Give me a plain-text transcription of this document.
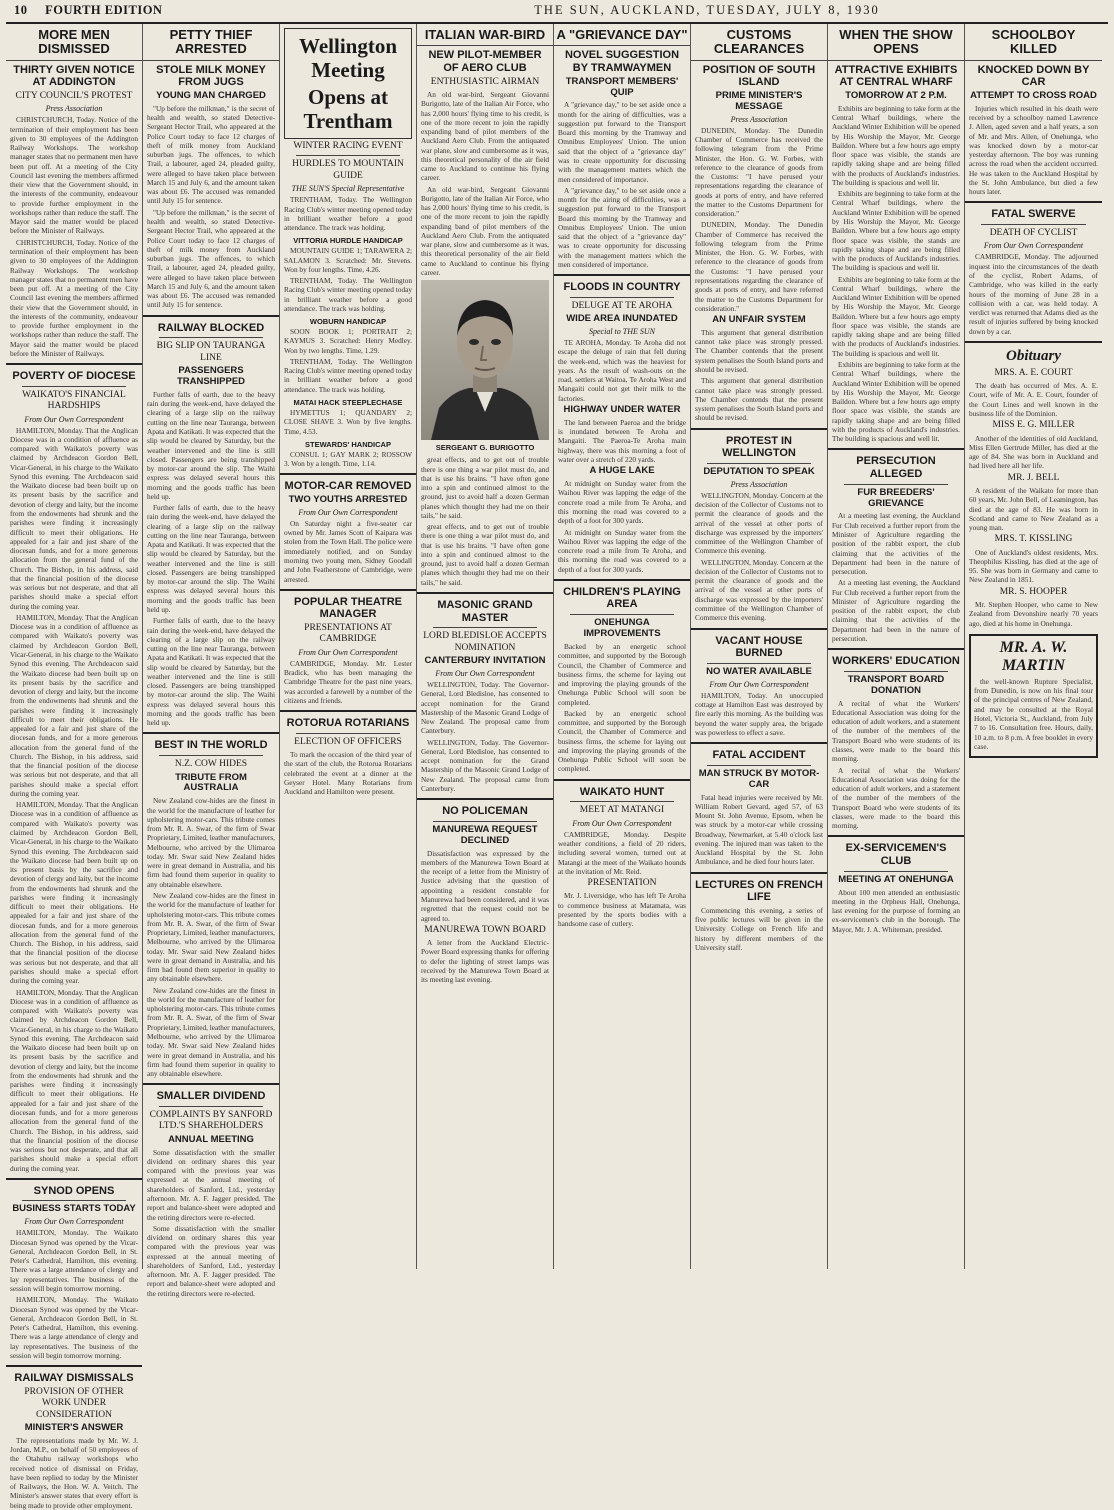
10 FOURTH EDITION	THE SUN, AUCKLAND, TUESDAY, JULY 8, 1930
MORE MEN DISMISSED
THIRTY GIVEN NOTICE AT ADDINGTON
CITY COUNCIL'S PROTEST
Press Association

CHRISTCHURCH, Today. Notice of the termination of their employment has been given to 30 employees of the Addington Railway Workshops. The workshop manager states that no permanent men have been put off. At a meeting of the City Council last evening the members affirmed their view that the Government should, in the interests of the community, endeavour to provide further employment in the workshops rather than reduce the staff. The Mayor said the matter would be placed before the Minister of Railways.

CHRISTCHURCH, Today. Notice of the termination of their employment has been given to 30 employees of the Addington Railway Workshops. The workshop manager states that no permanent men have been put off. At a meeting of the City Council last evening the members affirmed their view that the Government should, in the interests of the community, endeavour to provide further employment in the workshops rather than reduce the staff. The Mayor said the matter would be placed before the Minister of Railways.

POVERTY OF DIOCESE
WAIKATO'S FINANCIAL HARDSHIPS
From Our Own Correspondent

HAMILTON, Monday. That the Anglican Diocese was in a condition of affluence as compared with Waikato's poverty was claimed by Archdeacon Gordon Bell, Vicar-General, in his charge to the Waikato Synod this evening. The Archdeacon said the Waikato diocese had been built up on its present basis by the sacrifice and devotion of clergy and laity, but the income from the endowments had shrunk and the parishes were finding it increasingly difficult to meet their obligations. He appealed for a fair and just share of the diocesan funds, and for a more generous allocation from the general fund of the Church. The Bishop, in his address, said that the financial position of the diocese was serious but not desperate, and that all parishes should make a special effort during the coming year.

HAMILTON, Monday. That the Anglican Diocese was in a condition of affluence as compared with Waikato's poverty was claimed by Archdeacon Gordon Bell, Vicar-General, in his charge to the Waikato Synod this evening. The Archdeacon said the Waikato diocese had been built up on its present basis by the sacrifice and devotion of clergy and laity, but the income from the endowments had shrunk and the parishes were finding it increasingly difficult to meet their obligations. He appealed for a fair and just share of the diocesan funds, and for a more generous allocation from the general fund of the Church. The Bishop, in his address, said that the financial position of the diocese was serious but not desperate, and that all parishes should make a special effort during the coming year.

HAMILTON, Monday. That the Anglican Diocese was in a condition of affluence as compared with Waikato's poverty was claimed by Archdeacon Gordon Bell, Vicar-General, in his charge to the Waikato Synod this evening. The Archdeacon said the Waikato diocese had been built up on its present basis by the sacrifice and devotion of clergy and laity, but the income from the endowments had shrunk and the parishes were finding it increasingly difficult to meet their obligations. He appealed for a fair and just share of the diocesan funds, and for a more generous allocation from the general fund of the Church. The Bishop, in his address, said that the financial position of the diocese was serious but not desperate, and that all parishes should make a special effort during the coming year.

HAMILTON, Monday. That the Anglican Diocese was in a condition of affluence as compared with Waikato's poverty was claimed by Archdeacon Gordon Bell, Vicar-General, in his charge to the Waikato Synod this evening. The Archdeacon said the Waikato diocese had been built up on its present basis by the sacrifice and devotion of clergy and laity, but the income from the endowments had shrunk and the parishes were finding it increasingly difficult to meet their obligations. He appealed for a fair and just share of the diocesan funds, and for a more generous allocation from the general fund of the Church. The Bishop, in his address, said that the financial position of the diocese was serious but not desperate, and that all parishes should make a special effort during the coming year.

SYNOD OPENS
BUSINESS STARTS TODAY
From Our Own Correspondent

HAMILTON, Monday. The Waikato Diocesan Synod was opened by the Vicar-General, Archdeacon Gordon Bell, in St. Peter's Cathedral, Hamilton, this evening. There was a large attendance of clergy and lay representatives. The business of the session will begin tomorrow morning.

HAMILTON, Monday. The Waikato Diocesan Synod was opened by the Vicar-General, Archdeacon Gordon Bell, in St. Peter's Cathedral, Hamilton, this evening. There was a large attendance of clergy and lay representatives. The business of the session will begin tomorrow morning.

RAILWAY DISMISSALS
PROVISION OF OTHER WORK UNDER CONSIDERATION
MINISTER'S ANSWER

The representations made by Mr. W. J. Jordan, M.P., on behalf of 50 employees of the Otahuhu railway workshops who received notice of dismissal on Friday, have been replied to today by the Minister of Railways, the Hon. W. A. Veitch. The Minister's answer states that every effort is being made to provide other employment.

PETTY THIEF ARRESTED
STOLE MILK MONEY FROM JUGS
YOUNG MAN CHARGED

"Up before the milkman," is the secret of health and wealth, so stated Detective-Sergeant Hector Trail, who appeared at the Police Court today to face 12 charges of theft of milk money from Auckland suburban jugs. The offences, to which Trail, a labourer, aged 24, pleaded guilty, were alleged to have taken place between March 15 and July 6, and the amount taken was about £6. The accused was remanded until July 15 for sentence.

"Up before the milkman," is the secret of health and wealth, so stated Detective-Sergeant Hector Trail, who appeared at the Police Court today to face 12 charges of theft of milk money from Auckland suburban jugs. The offences, to which Trail, a labourer, aged 24, pleaded guilty, were alleged to have taken place between March 15 and July 6, and the amount taken was about £6. The accused was remanded until July 15 for sentence.

RAILWAY BLOCKED
BIG SLIP ON TAURANGA LINE
PASSENGERS TRANSHIPPED

Further falls of earth, due to the heavy rain during the week-end, have delayed the clearing of a large slip on the railway cutting on the line near Tauranga, between Apata and Katikati. It was expected that the slip would be cleared by Saturday, but the weather intervened and the line is still closed. Passengers are being transhipped by motor-car around the slip. The Waihi express was delayed several hours this morning and the goods traffic has been held up.

Further falls of earth, due to the heavy rain during the week-end, have delayed the clearing of a large slip on the railway cutting on the line near Tauranga, between Apata and Katikati. It was expected that the slip would be cleared by Saturday, but the weather intervened and the line is still closed. Passengers are being transhipped by motor-car around the slip. The Waihi express was delayed several hours this morning and the goods traffic has been held up.

Further falls of earth, due to the heavy rain during the week-end, have delayed the clearing of a large slip on the railway cutting on the line near Tauranga, between Apata and Katikati. It was expected that the slip would be cleared by Saturday, but the weather intervened and the line is still closed. Passengers are being transhipped by motor-car around the slip. The Waihi express was delayed several hours this morning and the goods traffic has been held up.

BEST IN THE WORLD
N.Z. COW HIDES
TRIBUTE FROM AUSTRALIA

New Zealand cow-hides are the finest in the world for the manufacture of leather for upholstering motor-cars. This tribute comes from Mr. R. A. Swar, of the firm of Swar Proprietary, Limited, leather manufacturers, Melbourne, who arrived by the Ulimaroa today. Mr. Swar said New Zealand hides were in great demand in Australia, and his firm had found them superior in quality to any obtainable elsewhere.

New Zealand cow-hides are the finest in the world for the manufacture of leather for upholstering motor-cars. This tribute comes from Mr. R. A. Swar, of the firm of Swar Proprietary, Limited, leather manufacturers, Melbourne, who arrived by the Ulimaroa today. Mr. Swar said New Zealand hides were in great demand in Australia, and his firm had found them superior in quality to any obtainable elsewhere.

New Zealand cow-hides are the finest in the world for the manufacture of leather for upholstering motor-cars. This tribute comes from Mr. R. A. Swar, of the firm of Swar Proprietary, Limited, leather manufacturers, Melbourne, who arrived by the Ulimaroa today. Mr. Swar said New Zealand hides were in great demand in Australia, and his firm had found them superior in quality to any obtainable elsewhere.

SMALLER DIVIDEND
COMPLAINTS BY SANFORD LTD.'S SHAREHOLDERS
ANNUAL MEETING

Some dissatisfaction with the smaller dividend on ordinary shares this year compared with the previous year was expressed at the annual meeting of shareholders of Sanford, Ltd., yesterday afternoon. Mr. A. F. Jagger presided. The report and balance-sheet were adopted and the retiring directors were re-elected.

Some dissatisfaction with the smaller dividend on ordinary shares this year compared with the previous year was expressed at the annual meeting of shareholders of Sanford, Ltd., yesterday afternoon. Mr. A. F. Jagger presided. The report and balance-sheet were adopted and the retiring directors were re-elected.

Wellington Meeting
Opens at Trentham
WINTER RACING EVENT
HURDLES TO MOUNTAIN GUIDE
THE SUN'S Special Representative

TRENTHAM, Today. The Wellington Racing Club's winter meeting opened today in brilliant weather before a good attendance. The track was holding.

VITTORIA HURDLE HANDICAP

MOUNTAIN GUIDE 1; TARAWERA 2; SALAMON 3. Scratched: Mr. Stevens. Won by four lengths. Time, 4.26.

TRENTHAM, Today. The Wellington Racing Club's winter meeting opened today in brilliant weather before a good attendance. The track was holding.

WOBURN HANDICAP

SOON BOOK 1; PORTRAIT 2; KAYMUS 3. Scratched: Henry Medley. Won by two lengths. Time, 1.29.

TRENTHAM, Today. The Wellington Racing Club's winter meeting opened today in brilliant weather before a good attendance. The track was holding.

MATAI HACK STEEPLECHASE

HYMETTUS 1; QUANDARY 2; CLOSE SHAVE 3. Won by five lengths. Time, 4.53.

STEWARDS' HANDICAP

CONSUL 1; GAY MARK 2; ROSSOW 3. Won by a length. Time, 1.14.

MOTOR-CAR REMOVED
TWO YOUTHS ARRESTED
From Our Own Correspondent

On Saturday night a five-seater car owned by Mr. James Scott of Kaipara was stolen from the Town Hall. The police were immediately notified, and on Sunday morning two young men, Sidney Goodall and John Featherstone of Cambridge, were arrested.

POPULAR THEATRE MANAGER
PRESENTATIONS AT CAMBRIDGE
From Our Own Correspondent

CAMBRIDGE, Monday. Mr. Lester Bradick, who has been managing the Cambridge Theatre for the past nine years, was accorded a farewell by a number of the citizens and friends.

ROTORUA ROTARIANS
ELECTION OF OFFICERS

To mark the occasion of the third year of the start of the club, the Rotorua Rotarians celebrated the event at a dinner at the Geyser Hotel. Many Rotarians from Auckland and Hamilton were present.

ITALIAN WAR-BIRD
NEW PILOT-MEMBER OF AERO CLUB
ENTHUSIASTIC AIRMAN

An old war-bird, Sergeant Giovanni Burigotto, late of the Italian Air Force, who has 2,000 hours' flying time to his credit, is one of the more recent to join the rapidly expanding band of pilot members of the Auckland Aero Club. From the antiquated war plane, slow and cumbersome as it was, this theoretical personality of the air field came to Auckland to continue his flying career.

An old war-bird, Sergeant Giovanni Burigotto, late of the Italian Air Force, who has 2,000 hours' flying time to his credit, is one of the more recent to join the rapidly expanding band of pilot members of the Auckland Aero Club. From the antiquated war plane, slow and cumbersome as it was, this theoretical personality of the air field came to Auckland to continue his flying career.

SERGEANT G. BURIGOTTO

great effects, and to get out of trouble there is one thing a war pilot must do, and that is use his brains. "I have often gone into a spin and continued almost to the ground, just to avoid half a dozen German planes which thought they had me on their tails," he said.

great effects, and to get out of trouble there is one thing a war pilot must do, and that is use his brains. "I have often gone into a spin and continued almost to the ground, just to avoid half a dozen German planes which thought they had me on their tails," he said.

MASONIC GRAND MASTER
LORD BLEDISLOE ACCEPTS NOMINATION
CANTERBURY INVITATION
From Our Own Correspondent

WELLINGTON, Today. The Governor-General, Lord Bledisloe, has consented to accept nomination for the Grand Mastership of the Masonic Grand Lodge of New Zealand. The proposal came from Canterbury.

WELLINGTON, Today. The Governor-General, Lord Bledisloe, has consented to accept nomination for the Grand Mastership of the Masonic Grand Lodge of New Zealand. The proposal came from Canterbury.

NO POLICEMAN
MANUREWA REQUEST DECLINED

Dissatisfaction was expressed by the members of the Manurewa Town Board at the receipt of a letter from the Ministry of Justice advising that the question of appointing a resident constable for Manurewa had been considered, and it was regretted that the request could not be agreed to.

MANUREWA TOWN BOARD

A letter from the Auckland Electric-Power Board expressing thanks for offering to defer the lighting of street lamps was received by the Manurewa Town Board at its meeting last evening.

A "GRIEVANCE DAY"
NOVEL SUGGESTION BY TRAMWAYMEN
TRANSPORT MEMBERS' QUIP

A "grievance day," to be set aside once a month for the airing of difficulties, was a suggestion put forward to the Transport Board this morning by the Tramway and Omnibus Employees' Union. The union said that the object of a "grievance day" was to create opportunity for discussing with the management matters which the men considered of importance.

A "grievance day," to be set aside once a month for the airing of difficulties, was a suggestion put forward to the Transport Board this morning by the Tramway and Omnibus Employees' Union. The union said that the object of a "grievance day" was to create opportunity for discussing with the management matters which the men considered of importance.

FLOODS IN COUNTRY
DELUGE AT TE AROHA
WIDE AREA INUNDATED
Special to THE SUN

TE AROHA, Monday. Te Aroha did not escape the deluge of rain that fell during the week-end, which was the heaviest for years. As the result of wash-outs on the road, settlers at Waitoa, Te Aroha West and Mangaiti could not get their milk to the factories.

HIGHWAY UNDER WATER

The land between Paeroa and the bridge is inundated between Te Aroha and Mangaiti. The Paeroa-Te Aroha main highway, there was this morning a foot of water over a stretch of 220 yards.

A HUGE LAKE

At midnight on Sunday water from the Waihou River was lapping the edge of the concrete road a mile from Te Aroha, and this morning the road was covered to a depth of a foot for 300 yards.

At midnight on Sunday water from the Waihou River was lapping the edge of the concrete road a mile from Te Aroha, and this morning the road was covered to a depth of a foot for 300 yards.

CHILDREN'S PLAYING AREA
ONEHUNGA IMPROVEMENTS

Backed by an energetic school committee, and supported by the Borough Council, the Chamber of Commerce and business firms, the scheme for laying out and improving the playing grounds of the Onehunga Public School will soon be completed.

Backed by an energetic school committee, and supported by the Borough Council, the Chamber of Commerce and business firms, the scheme for laying out and improving the playing grounds of the Onehunga Public School will soon be completed.

WAIKATO HUNT
MEET AT MATANGI
From Our Own Correspondent

CAMBRIDGE, Monday. Despite weather conditions, a field of 20 riders, including several women, turned out at Matangi at the meet of the Waikato hounds at the invitation of Mr. Reid.

PRESENTATION

Mr. J. Liversidge, who has left Te Aroha to commence business at Matamata, was presented by the sports bodies with a handsome case of cutlery.

CUSTOMS CLEARANCES
POSITION OF SOUTH ISLAND
PRIME MINISTER'S MESSAGE
Press Association

DUNEDIN, Monday. The Dunedin Chamber of Commerce has received the following telegram from the Prime Minister, the Hon. G. W. Forbes, with reference to the clearance of goods from the Customs: "I have perused your representations regarding the clearance of goods at ports of entry, and have referred the matter to the Customs Department for consideration."

DUNEDIN, Monday. The Dunedin Chamber of Commerce has received the following telegram from the Prime Minister, the Hon. G. W. Forbes, with reference to the clearance of goods from the Customs: "I have perused your representations regarding the clearance of goods at ports of entry, and have referred the matter to the Customs Department for consideration."

AN UNFAIR SYSTEM

This argument that general distribution cannot take place was strongly pressed. The Chamber contends that the present system penalises the South Island ports and should be revised.

This argument that general distribution cannot take place was strongly pressed. The Chamber contends that the present system penalises the South Island ports and should be revised.

PROTEST IN WELLINGTON
DEPUTATION TO SPEAK
Press Association

WELLINGTON, Monday. Concern at the decision of the Collector of Customs not to permit the clearance of goods and the arrival of the vessel at other ports of discharge was expressed by the importers' committee of the Wellington Chamber of Commerce this evening.

WELLINGTON, Monday. Concern at the decision of the Collector of Customs not to permit the clearance of goods and the arrival of the vessel at other ports of discharge was expressed by the importers' committee of the Wellington Chamber of Commerce this evening.

VACANT HOUSE BURNED
NO WATER AVAILABLE
From Our Own Correspondent

HAMILTON, Today. An unoccupied cottage at Hamilton East was destroyed by fire early this morning. As the building was beyond the water supply area, the brigade was powerless to effect a save.

FATAL ACCIDENT
MAN STRUCK BY MOTOR-CAR

Fatal head injuries were received by Mr. William Robert Gevard, aged 57, of 63 Mount St. John Avenue, Epsom, when he was struck by a motor-car while crossing Broadway, Newmarket, at 5.40 o'clock last evening. The injured man was taken to the Auckland Hospital by the St. John Ambulance, and he died four hours later.

LECTURES ON FRENCH LIFE

Commencing this evening, a series of five public lectures will be given in the University College on French life and history by different members of the University staff.

WHEN THE SHOW OPENS
ATTRACTIVE EXHIBITS AT CENTRAL WHARF
TOMORROW AT 2 P.M.

Exhibits are beginning to take form at the Central Wharf buildings, where the Auckland Winter Exhibition will be opened by His Worship the Mayor, Mr. George Baildon. Where but a few hours ago empty floor space was visible, the stands are rapidly taking shape and are being filled with the products of Auckland's industries. The building is spacious and well lit.

Exhibits are beginning to take form at the Central Wharf buildings, where the Auckland Winter Exhibition will be opened by His Worship the Mayor, Mr. George Baildon. Where but a few hours ago empty floor space was visible, the stands are rapidly taking shape and are being filled with the products of Auckland's industries. The building is spacious and well lit.

Exhibits are beginning to take form at the Central Wharf buildings, where the Auckland Winter Exhibition will be opened by His Worship the Mayor, Mr. George Baildon. Where but a few hours ago empty floor space was visible, the stands are rapidly taking shape and are being filled with the products of Auckland's industries. The building is spacious and well lit.

Exhibits are beginning to take form at the Central Wharf buildings, where the Auckland Winter Exhibition will be opened by His Worship the Mayor, Mr. George Baildon. Where but a few hours ago empty floor space was visible, the stands are rapidly taking shape and are being filled with the products of Auckland's industries. The building is spacious and well lit.

PERSECUTION ALLEGED
FUR BREEDERS' GRIEVANCE

At a meeting last evening, the Auckland Fur Club received a further report from the Minister of Agriculture regarding the position of the rabbit export, the club claiming that the activities of the Department had been in the nature of persecution.

At a meeting last evening, the Auckland Fur Club received a further report from the Minister of Agriculture regarding the position of the rabbit export, the club claiming that the activities of the Department had been in the nature of persecution.

WORKERS' EDUCATION
TRANSPORT BOARD DONATION

A recital of what the Workers' Educational Association was doing for the education of adult workers, and a statement of the number of the members of the Transport Board who were students of its classes, were made to the board this morning.

A recital of what the Workers' Educational Association was doing for the education of adult workers, and a statement of the number of the members of the Transport Board who were students of its classes, were made to the board this morning.

EX-SERVICEMEN'S CLUB
MEETING AT ONEHUNGA

About 100 men attended an enthusiastic meeting in the Orpheus Hall, Onehunga, last evening for the purpose of forming an ex-servicemen's club in the borough. The Mayor, Mr. J. A. Whiteman, presided.

SCHOOLBOY KILLED
KNOCKED DOWN BY CAR
ATTEMPT TO CROSS ROAD

Injuries which resulted in his death were received by a schoolboy named Lawrence J. Allen, aged seven and a half years, a son of Mr. and Mrs. Allen, of Onehunga, who was knocked down by a motor-car yesterday afternoon. The boy was running across the road when the accident occurred. He was taken to the Auckland Hospital by the St. John Ambulance, but died a few hours later.

FATAL SWERVE
DEATH OF CYCLIST
From Our Own Correspondent

CAMBRIDGE, Monday. The adjourned inquest into the circumstances of the death of the cyclist, Robert Adams, of Cambridge, who was killed in the early hours of the morning of June 28 in a collision with a car, was held today. A verdict was returned that Adams died as the result of injuries suffered by being knocked down by a car.

Obituary
MRS. A. E. COURT

The death has occurred of Mrs. A. E. Court, wife of Mr. A. E. Court, founder of the Court Lines and well known in the business life of the Dominion.

MISS E. G. MILLER

Another of the identities of old Auckland, Miss Ellen Gertrude Miller, has died at the age of 84. She was born in Auckland and had lived here all her life.

MR. J. BELL

A resident of the Waikato for more than 60 years, Mr. John Bell, of Leamington, has died at the age of 83. He was born in Scotland and came to New Zealand as a young man.

MRS. T. KISSLING

One of Auckland's oldest residents, Mrs. Theophilus Kissling, has died at the age of 95. She was born in Germany and came to New Zealand in 1851.

MR. S. HOOPER

Mr. Stephen Hooper, who came to New Zealand from Devonshire nearly 70 years ago, died at his home in Onehunga.

MR. A. W. MARTIN

the well-known Rupture Specialist, from Dunedin, is now on his final tour of the principal centres of New Zealand, and may be consulted at the Royal Hotel, Victoria St., Auckland, from July 7 to 16. Consultation free. Hours, daily, 10 a.m. to 8 p.m. A free booklet in every case.
